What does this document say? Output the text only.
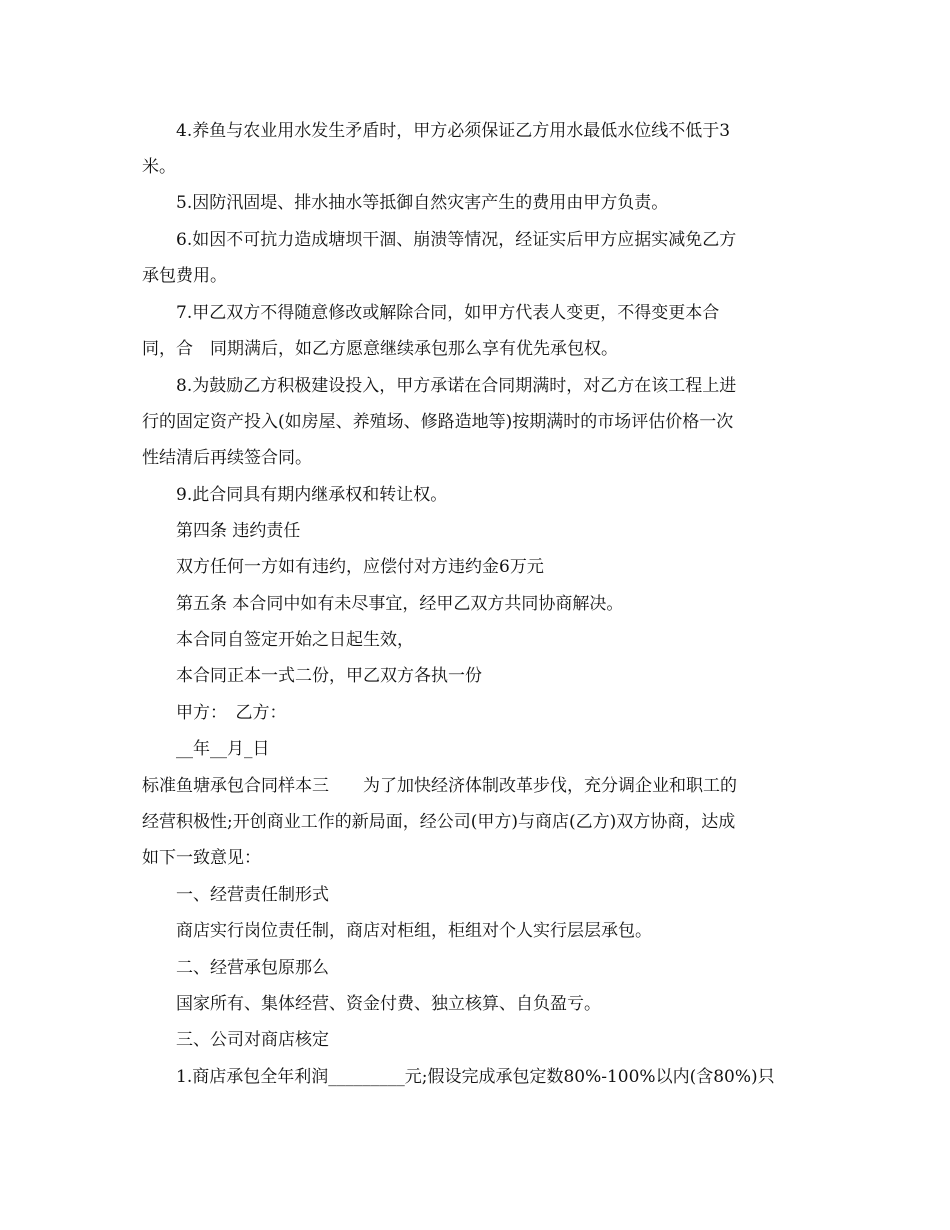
4.养鱼与农业用水发生矛盾时，甲方必须保证乙方用水最低水位线不低于3
米。
5.因防汛固堤、排水抽水等抵御自然灾害产生的费用由甲方负责。
6.如因不可抗力造成塘坝干涸、崩溃等情况，经证实后甲方应据实减免乙方
承包费用。
7.甲乙双方不得随意修改或解除合同，如甲方代表人变更，不得变更本合
同，合　同期满后，如乙方愿意继续承包那么享有优先承包权。
8.为鼓励乙方积极建设投入，甲方承诺在合同期满时，对乙方在该工程上进
行的固定资产投入(如房屋、养殖场、修路造地等)按期满时的市场评估价格一次
性结清后再续签合同。
9.此合同具有期内继承权和转让权。
第四条 违约责任
双方任何一方如有违约，应偿付对方违约金6万元
第五条 本合同中如有未尽事宜，经甲乙双方共同协商解决。
本合同自签定开始之日起生效，
本合同正本一式二份，甲乙双方各执一份
甲方：　乙方：
__年__月_日
标准鱼塘承包合同样本三　　为了加快经济体制改革步伐，充分调企业和职工的
经营积极性;开创商业工作的新局面，经公司(甲方)与商店(乙方)双方协商，达成
如下一致意见：
一、经营责任制形式
商店实行岗位责任制，商店对柜组，柜组对个人实行层层承包。
二、经营承包原那么
国家所有、集体经营、资金付费、独立核算、自负盈亏。
三、公司对商店核定
1.商店承包全年利润_________元;假设完成承包定数80%-100%以内(含80%)只
